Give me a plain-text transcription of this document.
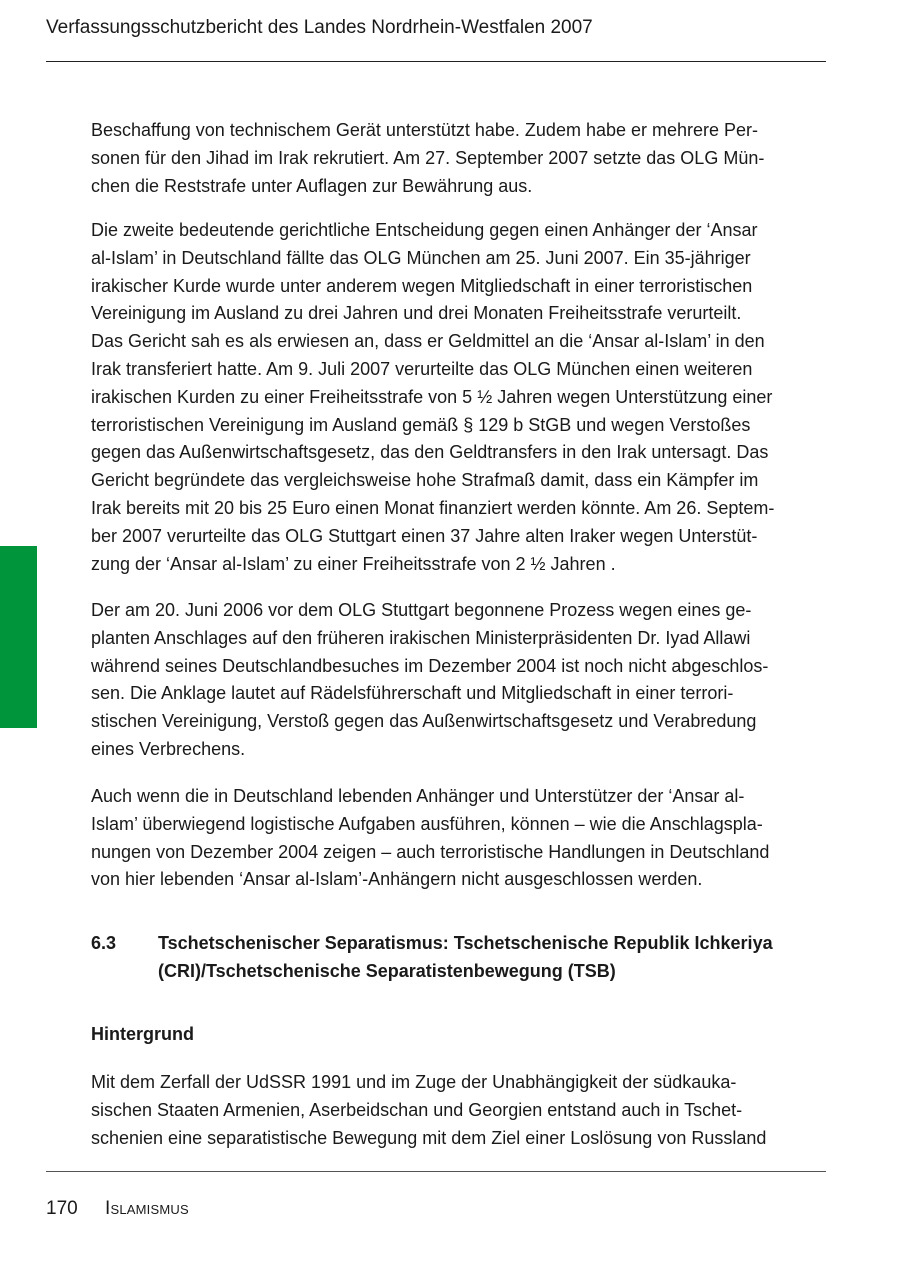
Verfassungsschutzbericht des Landes Nordrhein-Westfalen 2007
Beschaffung von technischem Gerät unterstützt habe. Zudem habe er mehrere Per-
sonen für den Jihad im Irak rekrutiert. Am 27. September 2007 setzte das OLG Mün-
chen die Reststrafe unter Auflagen zur Bewährung aus.
Die zweite bedeutende gerichtliche Entscheidung gegen einen Anhänger der ‘Ansar
al-Islam’ in Deutschland fällte das OLG München am 25. Juni 2007. Ein 35-jähriger
irakischer Kurde wurde unter anderem wegen Mitgliedschaft in einer terroristischen
Vereinigung im Ausland zu drei Jahren und drei Monaten Freiheitsstrafe verurteilt.
Das Gericht sah es als erwiesen an, dass er Geldmittel an die ‘Ansar al-Islam’ in den
Irak transferiert hatte. Am 9. Juli 2007 verurteilte das OLG München einen weiteren
irakischen Kurden zu einer Freiheitsstrafe von 5 ½ Jahren wegen Unterstützung einer
terroristischen Vereinigung im Ausland gemäß § 129 b StGB und wegen Verstoßes
gegen das Außenwirtschaftsgesetz, das den Geldtransfers in den Irak untersagt. Das
Gericht begründete das vergleichsweise hohe Strafmaß damit, dass ein Kämpfer im
Irak bereits mit 20 bis 25 Euro einen Monat finanziert werden könnte. Am 26. Septem-
ber 2007 verurteilte das OLG Stuttgart einen 37 Jahre alten Iraker wegen Unterstüt-
zung der ‘Ansar al-Islam’ zu einer Freiheitsstrafe von 2 ½ Jahren .
Der am 20. Juni 2006 vor dem OLG Stuttgart begonnene Prozess wegen eines ge-
planten Anschlages auf den früheren irakischen Ministerpräsidenten Dr. Iyad Allawi
während seines Deutschlandbesuches im Dezember 2004 ist noch nicht abgeschlos-
sen. Die Anklage lautet auf Rädelsführerschaft und Mitgliedschaft in einer terrori-
stischen Vereinigung, Verstoß gegen das Außenwirtschaftsgesetz und Verabredung
eines Verbrechens.
Auch wenn die in Deutschland lebenden Anhänger und Unterstützer der ‘Ansar al-
Islam’ überwiegend logistische Aufgaben ausführen, können – wie die Anschlagspla-
nungen von Dezember 2004 zeigen – auch terroristische Handlungen in Deutschland
von hier lebenden ‘Ansar al-Islam’-Anhängern nicht ausgeschlossen werden.
6.3 Tschetschenischer Separatismus: Tschetschenische Republik Ichkeriya
(CRI)/Tschetschenische Separatistenbewegung (TSB)
Hintergrund
Mit dem Zerfall der UdSSR 1991 und im Zuge der Unabhängigkeit der südkauka-
sischen Staaten Armenien, Aserbeidschan und Georgien entstand auch in Tschet-
schenien eine separatistische Bewegung mit dem Ziel einer Loslösung von Russland
170 Islamismus
